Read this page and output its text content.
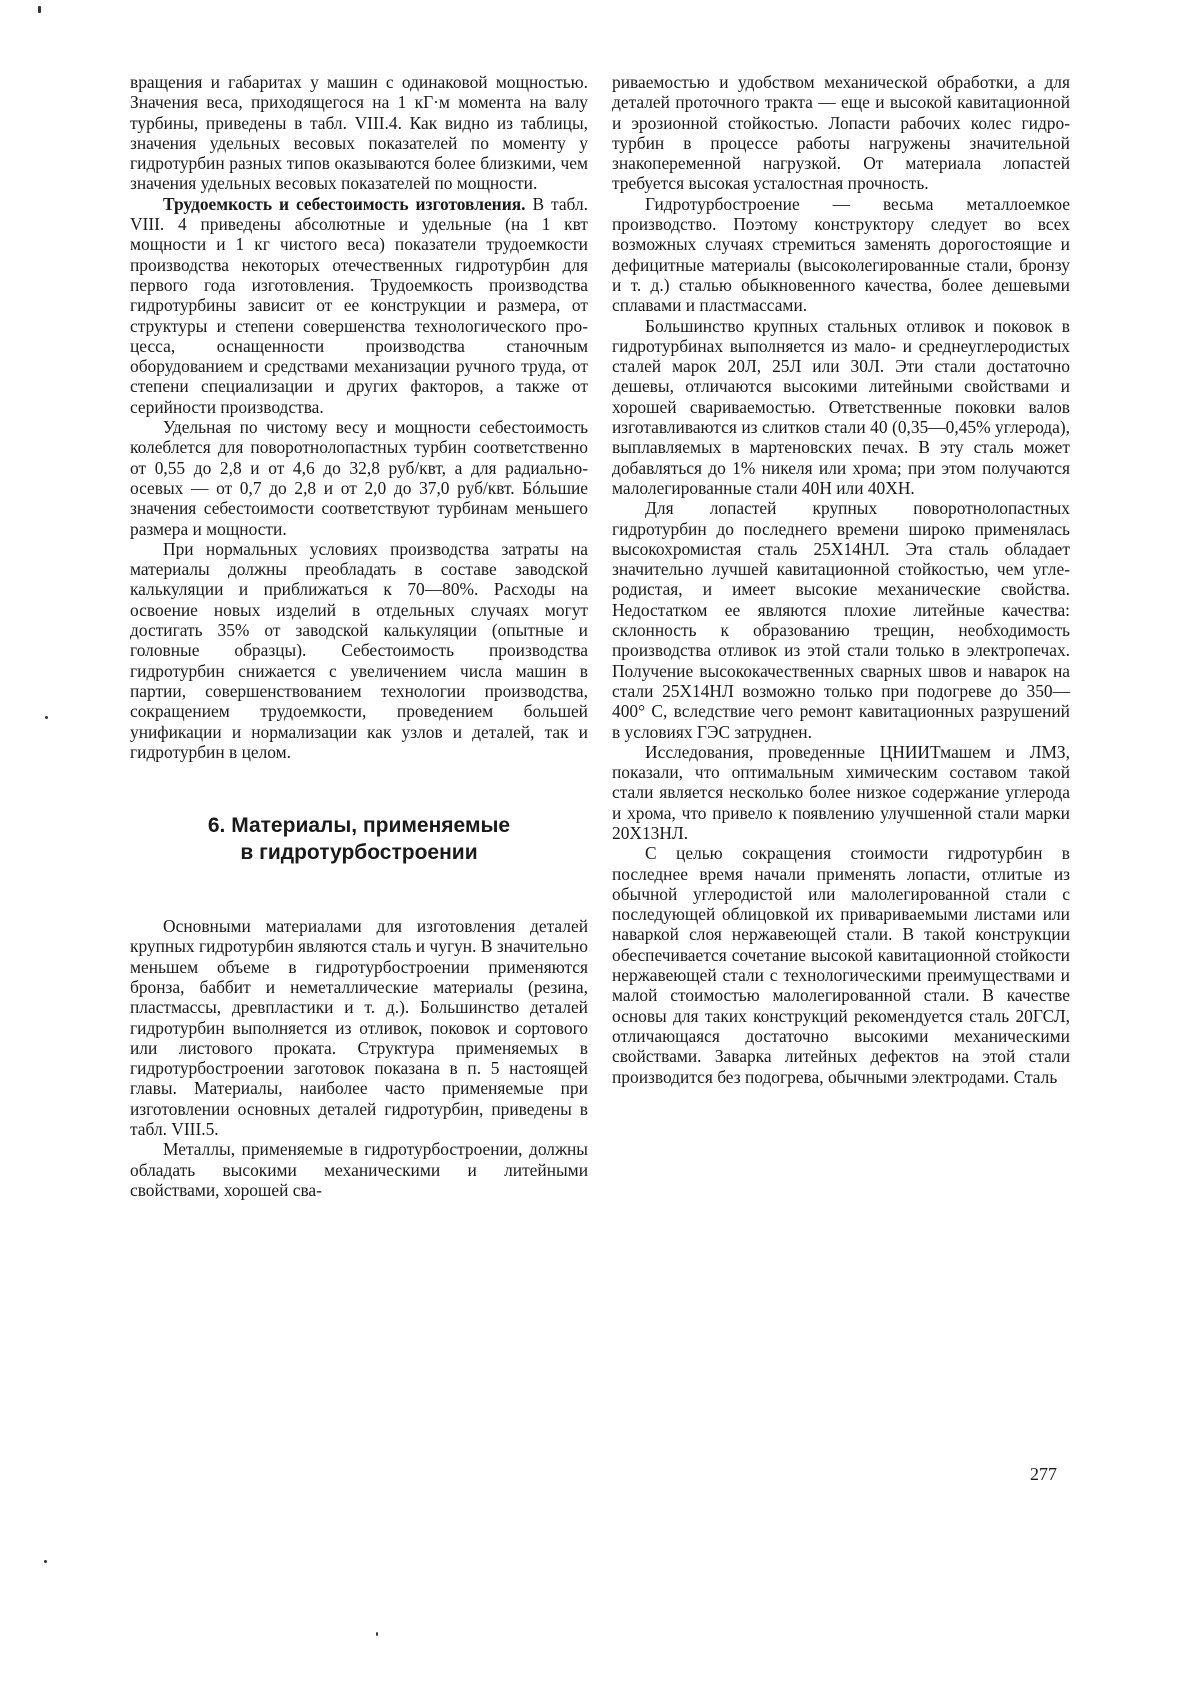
вращения и габаритах у машин с одинаковой мощностью. Значения веса, приходящегося на 1 кГ·м момента на валу турбины, приведены в табл. VIII.4. Как видно из таблицы, значения удельных весовых показателей по моменту у гидротурбин разных типов оказываются более близкими, чем значения удельных весовых показателей по мощности.

Трудоемкость и себестоимость изготовления. В табл. VIII. 4 приведены абсолютные и удельные (на 1 квт мощности и 1 кг чистого веса) показатели трудоемкости производства некоторых отечественных гидротурбин для первого года изготовления. Трудоемкость производства гидротурбины зависит от ее конструкции и размера, от структуры и степени совершенства технологического процесса, оснащенности производства станочным оборудованием и средствами механизации ручного труда, от степени специализации и других факторов, а также от серийности производства.

Удельная по чистому весу и мощности себестоимость колеблется для поворотнолопастных турбин соответственно от 0,55 до 2,8 и от 4,6 до 32,8 руб/квт, а для радиально-осевых — от 0,7 до 2,8 и от 2,0 до 37,0 руб/квт. Бóльшие значения себестоимости соответствуют турбинам меньшего размера и мощности.

При нормальных условиях производства затраты на материалы должны преобладать в составе заводской калькуляции и приближаться к 70—80%. Расходы на освоение новых изделий в отдельных случаях могут достигать 35% от заводской калькуляции (опытные и головные образцы). Себестоимость производства гидротурбин снижается с увеличением числа машин в партии, совершенствованием технологии производства, сокращением трудоемкости, проведением большей унификации и нормализации как узлов и деталей, так и гидротурбин в целом.

6. Материалы, применяемые
в гидротурбостроении

Основными материалами для изготовления деталей крупных гидротурбин являются сталь и чугун. В значительно меньшем объеме в гидротурбостроении применяются бронза, баббит и неметаллические материалы (резина, пластмассы, древпластики и т. д.). Большинство деталей гидротурбин выполняется из отливок, поковок и сортового или листового проката. Структура применяемых в гидротурбостроении заготовок показана в п. 5 настоящей главы. Материалы, наиболее часто применяемые при изготовлении основных деталей гидротурбин, приведены в табл. VIII.5.

Металлы, применяемые в гидротурбостроении, должны обладать высокими механическими и литейными свойствами, хорошей сва-

риваемостью и удобством механической обработки, а для деталей проточного тракта — еще и высокой кавитационной и эрозионной стойкостью. Лопасти рабочих колес гидротурбин в процессе работы нагружены значительной знакопеременной нагрузкой. От материала лопастей требуется высокая усталостная прочность.

Гидротурбостроение — весьма металлоемкое производство. Поэтому конструктору следует во всех возможных случаях стремиться заменять дорогостоящие и дефицитные материалы (высоколегированные стали, бронзу и т. д.) сталью обыкновенного качества, более дешевыми сплавами и пластмассами.

Большинство крупных стальных отливок и поковок в гидротурбинах выполняется из мало- и среднеуглеродистых сталей марок 20Л, 25Л или 30Л. Эти стали достаточно дешевы, отличаются высокими литейными свойствами и хорошей свариваемостью. Ответственные поковки валов изготавливаются из слитков стали 40 (0,35—0,45% углерода), выплавляемых в мартеновских печах. В эту сталь может добавляться до 1% никеля или хрома; при этом получаются малолегированные стали 40Н или 40ХН.

Для лопастей крупных поворотнолопастных гидротурбин до последнего времени широко применялась высокохромистая сталь 25Х14НЛ. Эта сталь обладает значительно лучшей кавитационной стойкостью, чем углеродистая, и имеет высокие механические свойства. Недостатком ее являются плохие литейные качества: склонность к образованию трещин, необходимость производства отливок из этой стали только в электропечах. Получение высококачественных сварных швов и наварок на стали 25Х14НЛ возможно только при подогреве до 350—400° С, вследствие чего ремонт кавитационных разрушений в условиях ГЭС затруднен.

Исследования, проведенные ЦНИИТмашем и ЛМЗ, показали, что оптимальным химическим составом такой стали является несколько более низкое содержание углерода и хрома, что привело к появлению улучшенной стали марки 20Х13НЛ.

С целью сокращения стоимости гидротурбин в последнее время начали применять лопасти, отлитые из обычной углеродистой или малолегированной стали с последующей облицовкой их привариваемыми листами или наваркой слоя нержавеющей стали. В такой конструкции обеспечивается сочетание высокой кавитационной стойкости нержавеющей стали с технологическими преимуществами и малой стоимостью малолегированной стали. В качестве основы для таких конструкций рекомендуется сталь 20ГСЛ, отличающаяся достаточно высокими механическими свойствами. Заварка литейных дефектов на этой стали производится без подогрева, обычными электродами. Сталь

277
